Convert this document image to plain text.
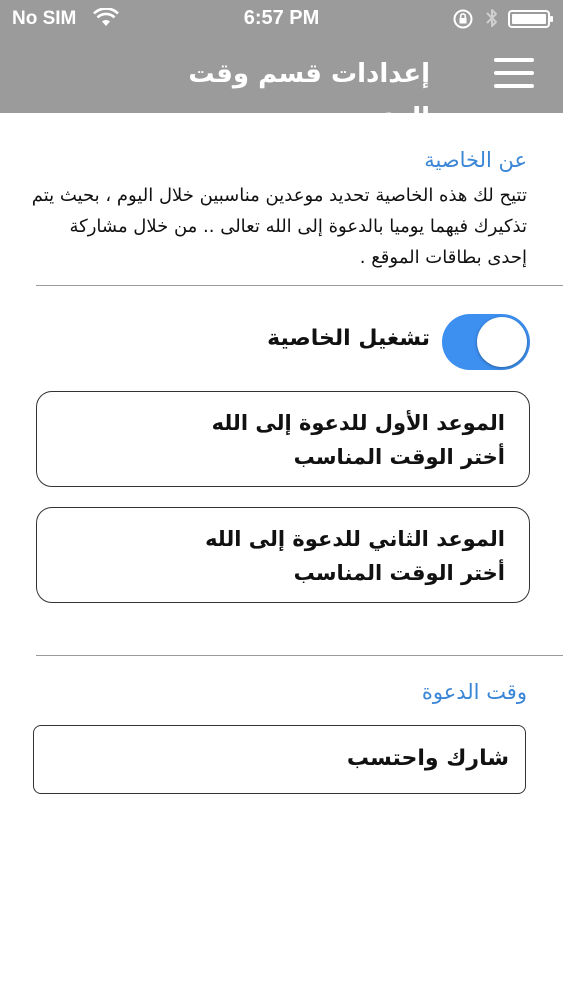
No SIM	6:57 PM
إعدادات قسم وقت الدعوة
عن الخاصية
تتيح لك هذه الخاصية تحديد موعدين مناسبين خلال اليوم ، بحيث يتم تذكيرك فيهما يوميا بالدعوة إلى الله تعالى .. من خلال مشاركة إحدى بطاقات الموقع .
تشغيل الخاصية
الموعد الأول للدعوة إلى الله
أختر الوقت المناسب
الموعد الثاني للدعوة إلى الله
أختر الوقت المناسب
وقت الدعوة
شارك واحتسب
